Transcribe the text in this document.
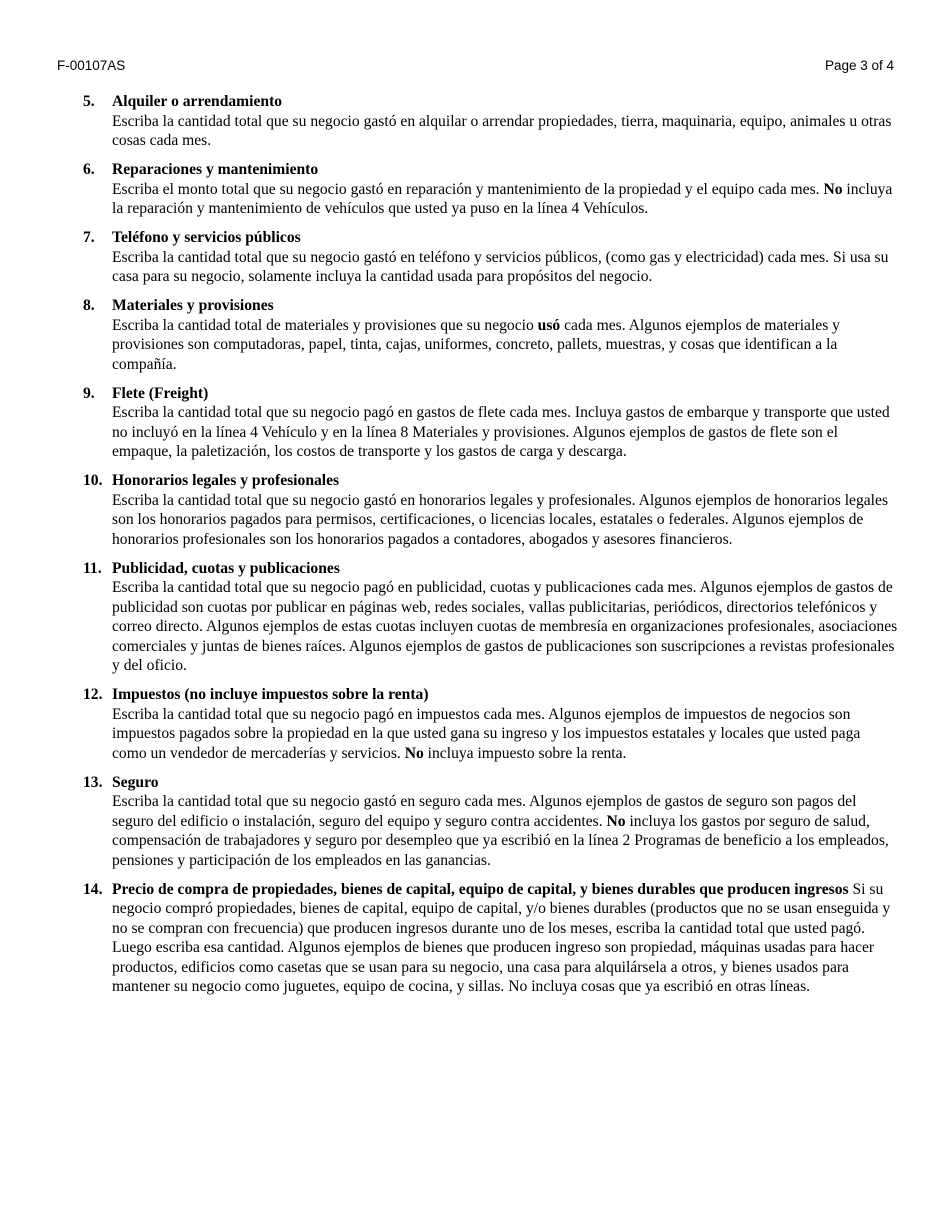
F-00107AS	Page 3 of 4
5.	Alquiler o arrendamiento
Escriba la cantidad total que su negocio gastó en alquilar o arrendar propiedades, tierra, maquinaria, equipo, animales u otras cosas cada mes.
6.	Reparaciones y mantenimiento
Escriba el monto total que su negocio gastó en reparación y mantenimiento de la propiedad y el equipo cada mes. No incluya la reparación y mantenimiento de vehículos que usted ya puso en la línea 4 Vehículos.
7.	Teléfono y servicios públicos
Escriba la cantidad total que su negocio gastó en teléfono y servicios públicos, (como gas y electricidad) cada mes. Si usa su casa para su negocio, solamente incluya la cantidad usada para propósitos del negocio.
8.	Materiales y provisiones
Escriba la cantidad total de materiales y provisiones que su negocio usó cada mes. Algunos ejemplos de materiales y provisiones son computadoras, papel, tinta, cajas, uniformes, concreto, pallets, muestras, y cosas que identifican a la compañía.
9.	Flete (Freight)
Escriba la cantidad total que su negocio pagó en gastos de flete cada mes. Incluya gastos de embarque y transporte que usted no incluyó en la línea 4 Vehículo y en la línea 8 Materiales y provisiones. Algunos ejemplos de gastos de flete son el empaque, la paletización, los costos de transporte y los gastos de carga y descarga.
10. Honorarios legales y profesionales
Escriba la cantidad total que su negocio gastó en honorarios legales y profesionales. Algunos ejemplos de honorarios legales son los honorarios pagados para permisos, certificaciones, o licencias locales, estatales o federales. Algunos ejemplos de honorarios profesionales son los honorarios pagados a contadores, abogados y asesores financieros.
11. Publicidad, cuotas y publicaciones
Escriba la cantidad total que su negocio pagó en publicidad, cuotas y publicaciones cada mes. Algunos ejemplos de gastos de publicidad son cuotas por publicar en páginas web, redes sociales, vallas publicitarias, periódicos, directorios telefónicos y correo directo. Algunos ejemplos de estas cuotas incluyen cuotas de membresía en organizaciones profesionales, asociaciones comerciales y juntas de bienes raíces. Algunos ejemplos de gastos de publicaciones son suscripciones a revistas profesionales y del oficio.
12. Impuestos (no incluye impuestos sobre la renta)
Escriba la cantidad total que su negocio pagó en impuestos cada mes. Algunos ejemplos de impuestos de negocios son impuestos pagados sobre la propiedad en la que usted gana su ingreso y los impuestos estatales y locales que usted paga como un vendedor de mercaderías y servicios. No incluya impuesto sobre la renta.
13. Seguro
Escriba la cantidad total que su negocio gastó en seguro cada mes. Algunos ejemplos de gastos de seguro son pagos del seguro del edificio o instalación, seguro del equipo y seguro contra accidentes. No incluya los gastos por seguro de salud, compensación de trabajadores y seguro por desempleo que ya escribió en la línea 2 Programas de beneficio a los empleados, pensiones y participación de los empleados en las ganancias.
14. Precio de compra de propiedades, bienes de capital, equipo de capital, y bienes durables que producen ingresos Si su negocio compró propiedades, bienes de capital, equipo de capital, y/o bienes durables (productos que no se usan enseguida y no se compran con frecuencia) que producen ingresos durante uno de los meses, escriba la cantidad total que usted pagó. Luego escriba esa cantidad. Algunos ejemplos de bienes que producen ingreso son propiedad, máquinas usadas para hacer productos, edificios como casetas que se usan para su negocio, una casa para alquilársela a otros, y bienes usados para mantener su negocio como juguetes, equipo de cocina, y sillas. No incluya cosas que ya escribió en otras líneas.
